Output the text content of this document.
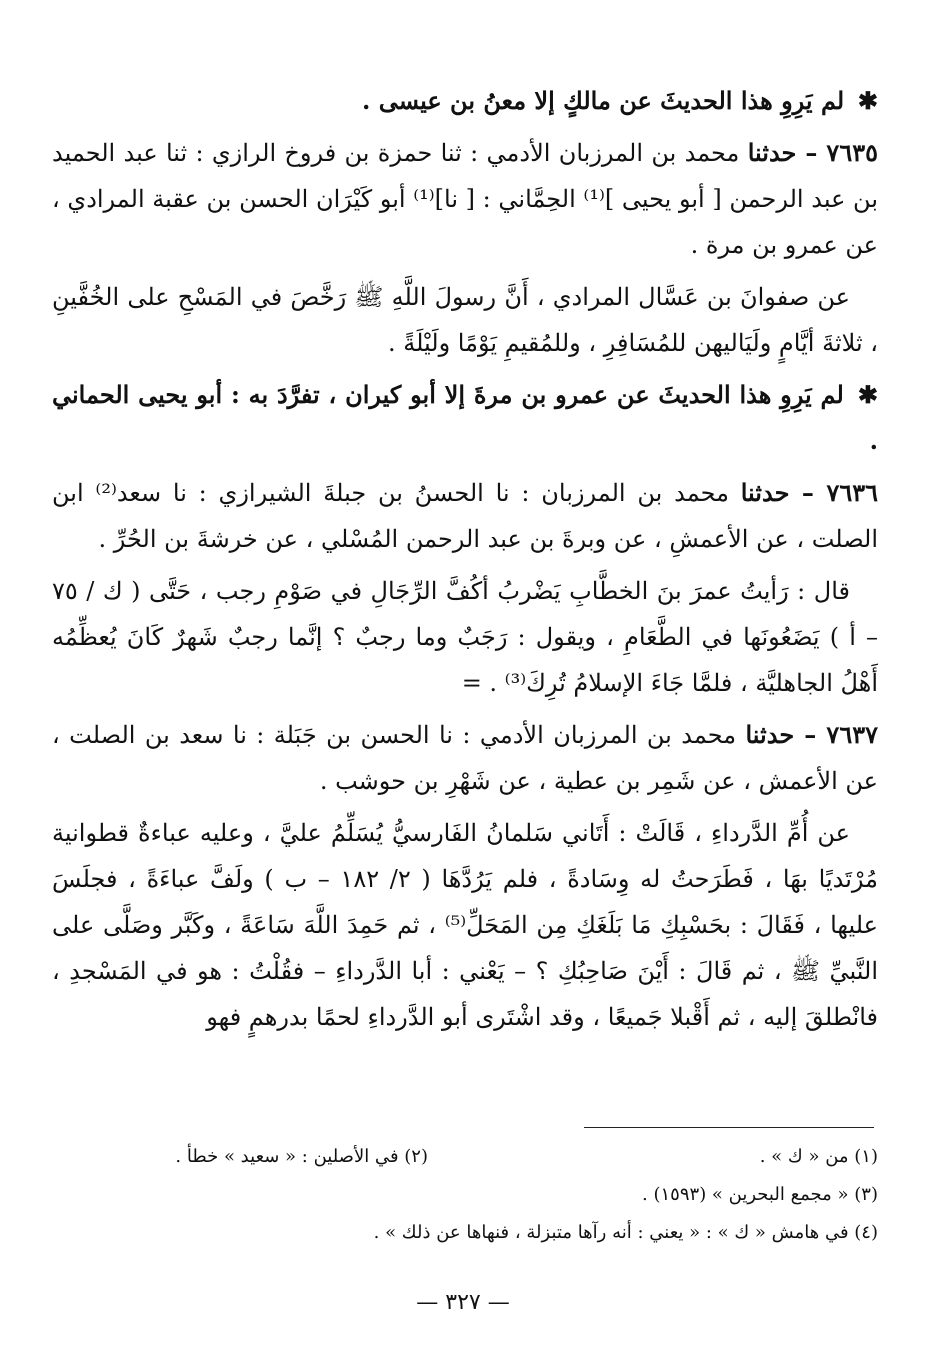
✱ لم يَرِوِ هذا الحديثَ عن مالكٍ إلا معنُ بن عيسى .

٧٦٣٥ – حدثنا محمد بن المرزبان الأدمي : ثنا حمزة بن فروخ الرازي : ثنا عبد الحميد بن عبد الرحمن [ أبو يحيى ]⁽¹⁾ الحِمَّاني : [ نا]⁽¹⁾ أبو كَيْرَان الحسن بن عقبة المرادي ، عن عمرو بن مرة .

عن صفوانَ بن عَسَّال المرادي ، أَنَّ رسولَ اللَّهِ ﷺ رَخَّصَ في المَسْحِ على الخُفَّينِ ، ثلاثةَ أيَّامٍ ولَيَاليهن للمُسَافِرِ ، وللمُقيمِ يَوْمًا ولَيْلَةً .

✱ لم يَرِوِ هذا الحديثَ عن عمرو بن مرةَ إلا أبو كيران ، تفرَّدَ به : أبو يحيى الحماني .

٧٦٣٦ – حدثنا محمد بن المرزبان : نا الحسنُ بن جبلةَ الشيرازي : نا سعد⁽²⁾ ابن الصلت ، عن الأعمشِ ، عن وبرةَ بن عبد الرحمن المُسْلي ، عن خرشةَ بن الحُرِّ .

قال : رَأيتُ عمرَ بنَ الخطَّابِ يَضْربُ أكُفَّ الرِّجَالِ في صَوْمِ رجب ، حَتَّى ( ك / ٧٥ – أ ) يَضَعُونَها في الطَّعَامِ ، ويقول : رَجَبٌ وما رجبٌ ؟ إنَّما رجبٌ شَهرٌ كَانَ يُعظِّمُه أَهْلُ الجاهليَّة ، فلمَّا جَاءَ الإسلامُ تُرِكَ⁽³⁾ . =

٧٦٣٧ – حدثنا محمد بن المرزبان الأدمي : نا الحسن بن جَبَلة : نا سعد بن الصلت ، عن الأعمش ، عن شَمِر بن عطية ، عن شَهْرِ بن حوشب .

عن أُمِّ الدَّرداءِ ، قَالَتْ : أَتَاني سَلمانُ الفَارسيُّ يُسَلِّمُ عليَّ ، وعليه عباءةٌ قطوانية مُرْتَديًا بهَا ، فَطَرَحتُ له وِسَادةً ، فلم يَرُدَّهَا ( ٢/ ١٨٢ – ب ) ولَفَّ عباءَةً ، فجلَسَ عليها ، فَقَالَ : بحَسْبِكِ مَا بَلَغَكِ مِن المَحَلِّ⁽⁵⁾ ، ثم حَمِدَ اللَّهَ سَاعَةً ، وكَبَّر وصَلَّى على النَّبيِّ ﷺ ، ثم قَالَ : أَيْنَ صَاحِبُكِ ؟ – يَعْني : أبا الدَّرداءِ – فقُلْتُ : هو في المَسْجدِ ، فانْطلقَ إليه ، ثم أَقْبلا جَميعًا ، وقد اشْتَرى أبو الدَّرداءِ لحمًا بدرهمٍ فهو

(١) من « ك » .
(٢) في الأصلين : « سعيد » خطأ .
(٣) « مجمع البحرين » (١٥٩٣) .
(٤) في هامش « ك » : « يعني : أنه رآها متبزلة ، فنهاها عن ذلك » .
— ٣٢٧ —
